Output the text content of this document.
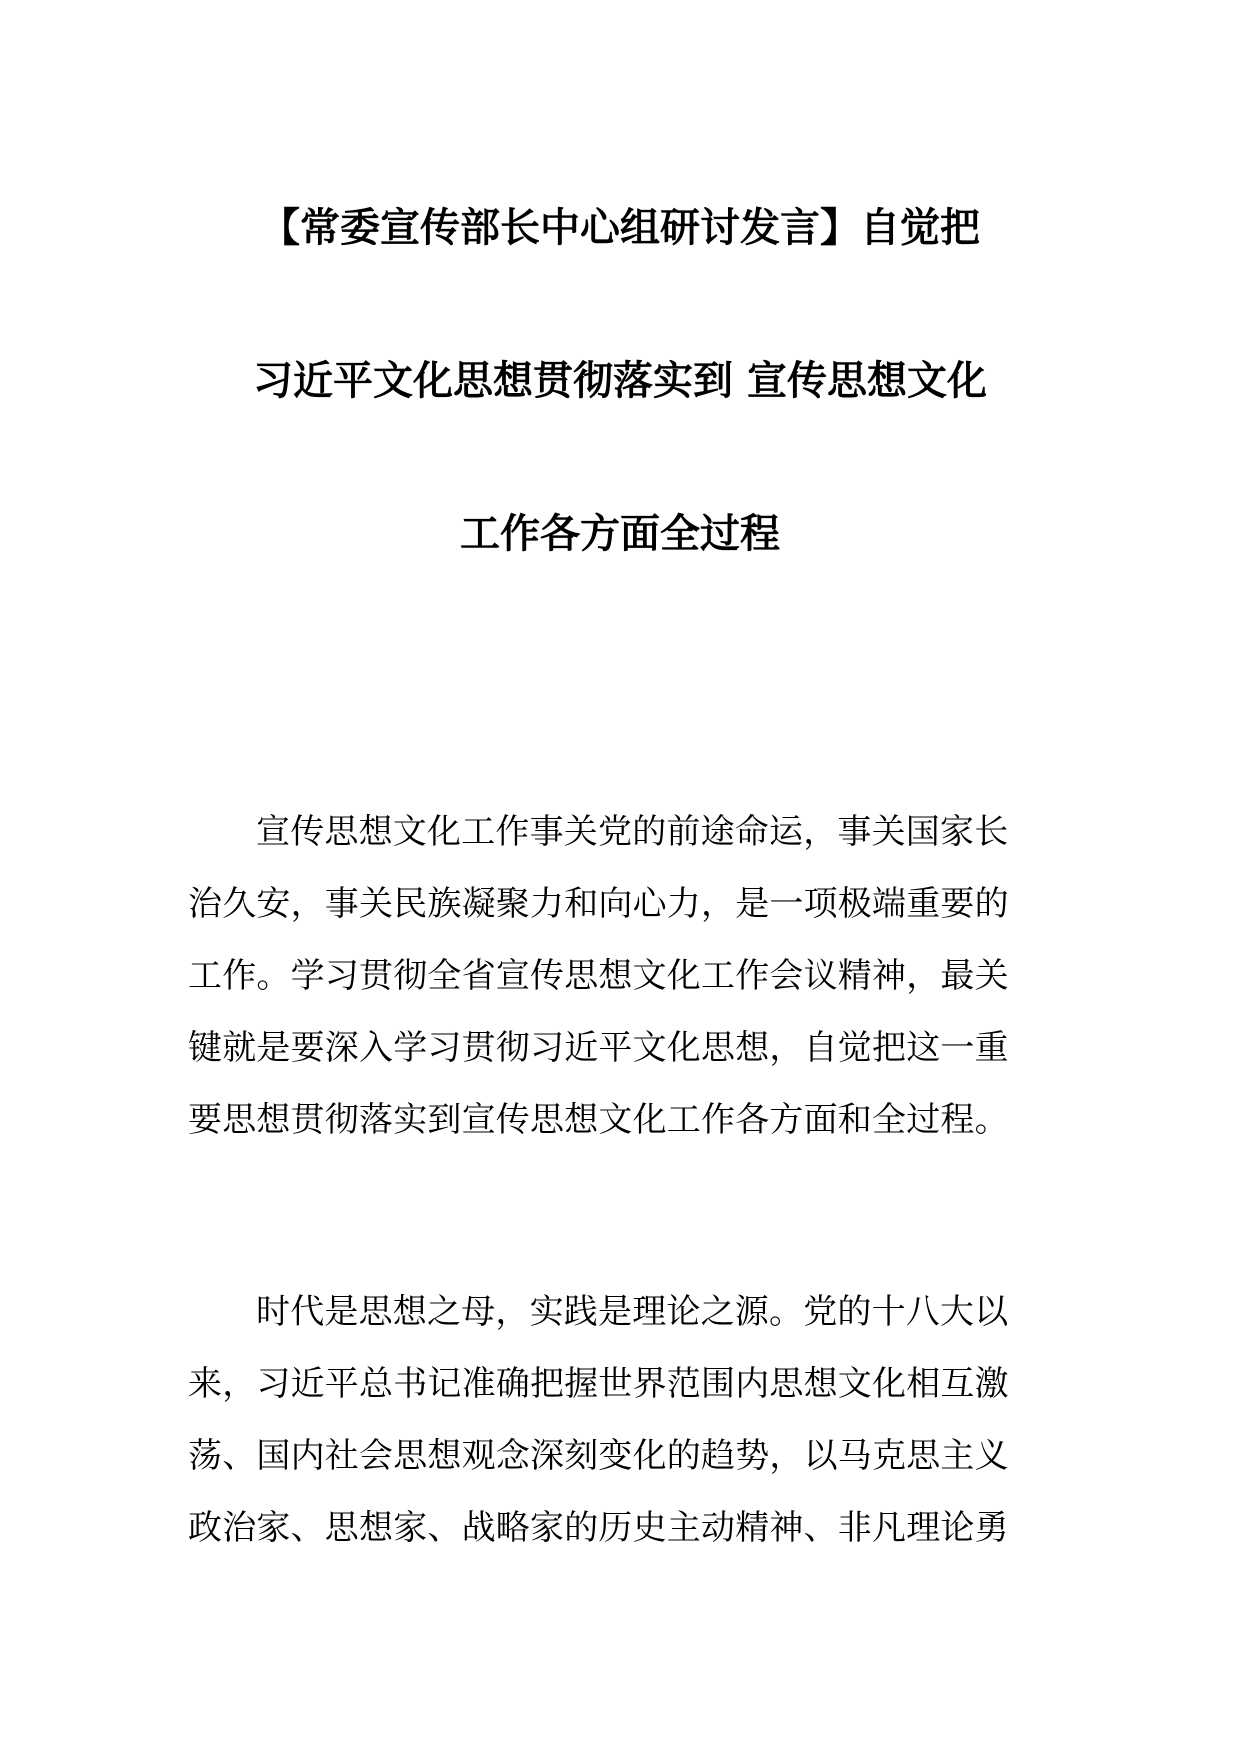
【常委宣传部长中心组研讨发言】自觉把
习近平文化思想贯彻落实到 宣传思想文化
工作各方面全过程

宣传思想文化工作事关党的前途命运，事关国家长
治久安，事关民族凝聚力和向心力，是一项极端重要的
工作。学习贯彻全省宣传思想文化工作会议精神，最关
键就是要深入学习贯彻习近平文化思想，自觉把这一重
要思想贯彻落实到宣传思想文化工作各方面和全过程。

时代是思想之母，实践是理论之源。党的十八大以
来，习近平总书记准确把握世界范围内思想文化相互激
荡、国内社会思想观念深刻变化的趋势，以马克思主义
政治家、思想家、战略家的历史主动精神、非凡理论勇
